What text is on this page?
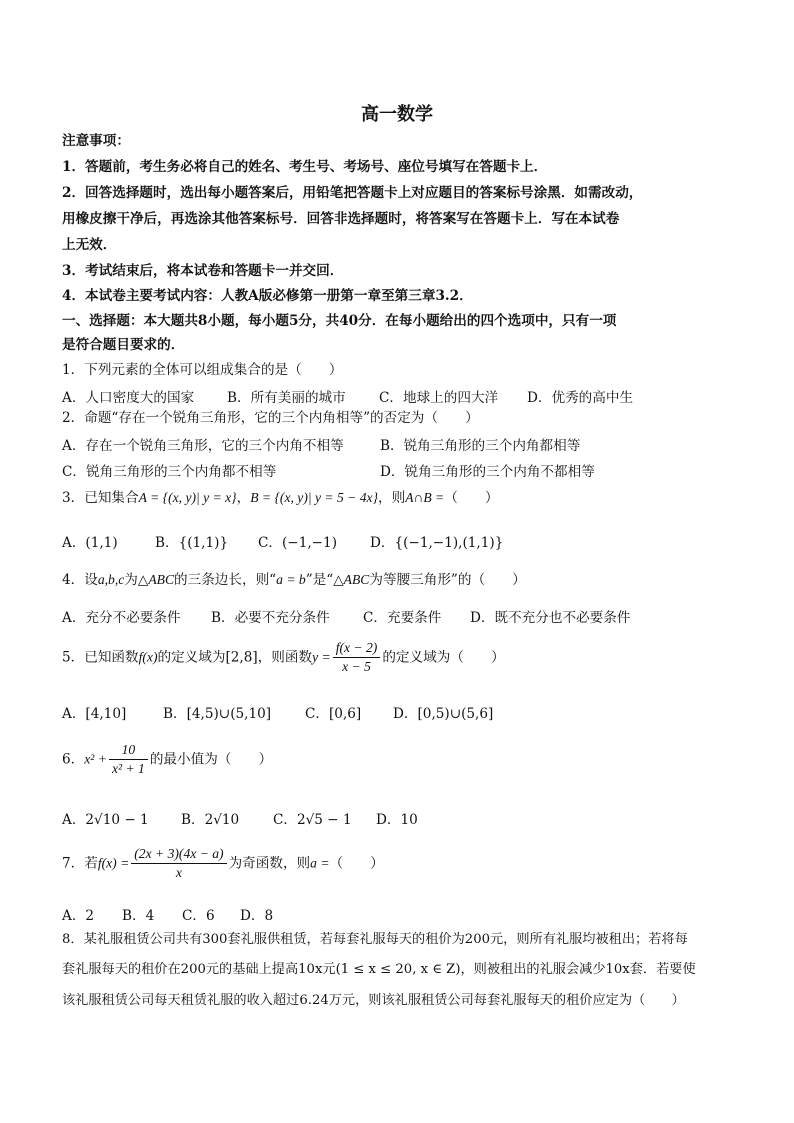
高一数学
注意事项：
1．答题前，考生务必将自己的姓名、考生号、考场号、座位号填写在答题卡上．
2．回答选择题时，选出每小题答案后，用铅笔把答题卡上对应题目的答案标号涂黑．如需改动，
用橡皮擦干净后，再选涂其他答案标号．回答非选择题时，将答案写在答题卡上．写在本试卷
上无效．
3．考试结束后，将本试卷和答题卡一并交回．
4．本试卷主要考试内容：人教A版必修第一册第一章至第三章3.2．
一、选择题：本大题共8小题，每小题5分，共40分．在每小题给出的四个选项中，只有一项
是符合题目要求的．
1．下列元素的全体可以组成集合的是（　　）
A．人口密度大的国家 B．所有美丽的城市 C．地球上的四大洋 D．优秀的高中生
2．命题“存在一个锐角三角形，它的三个内角相等”的否定为（　　）
A．存在一个锐角三角形，它的三个内角不相等	B．锐角三角形的三个内角都相等
C．锐角三角形的三个内角都不相等	D．锐角三角形的三个内角不都相等
3．已知集合A = {(x, y)| y = x}，B = {(x, y)| y = 5 − 4x}，则A∩B =（　　）
A．(1,1)	B．{(1,1)} C．(−1,−1) D．{(−1,−1),(1,1)}
4．设a,b,c为△ABC的三条边长，则“a = b”是“△ABC为等腰三角形”的（　　）
A．充分不必要条件 B．必要不充分条件 C．充要条件 D．既不充分也不必要条件
5．已知函数f(x)的定义域为[2,8]，则函数$y = \frac{f(x - 2)}{x - 5}$ 的定义域为（　　）
A．[4,10]	B．[4,5)∪(5,10] C．[0,6] D．[0,5)∪(5,6]
6．$x^2 + \frac{10}{\text{x² + 1}}$ 的最小值为（　　）
A．2√10 − 1 B．2√10 C．2√5 − 1 D．10
7．若$f(x) = \frac{(2x + 3)(4x - a)}{x}$ 为奇函数，则a =（　　）
A．2 B．4 C．6 D．8
8．某礼服租赁公司共有300套礼服供租赁，若每套礼服每天的租价为200元，则所有礼服均被租出；若将每
套礼服每天的租价在200元的基础上提高10x元(1 ≤ x ≤ 20, x ∈ Z)，则被租出的礼服会减少10x套．若要使
该礼服租赁公司每天租赁礼服的收入超过6.24万元，则该礼服租赁公司每套礼服每天的租价应定为（　　）
